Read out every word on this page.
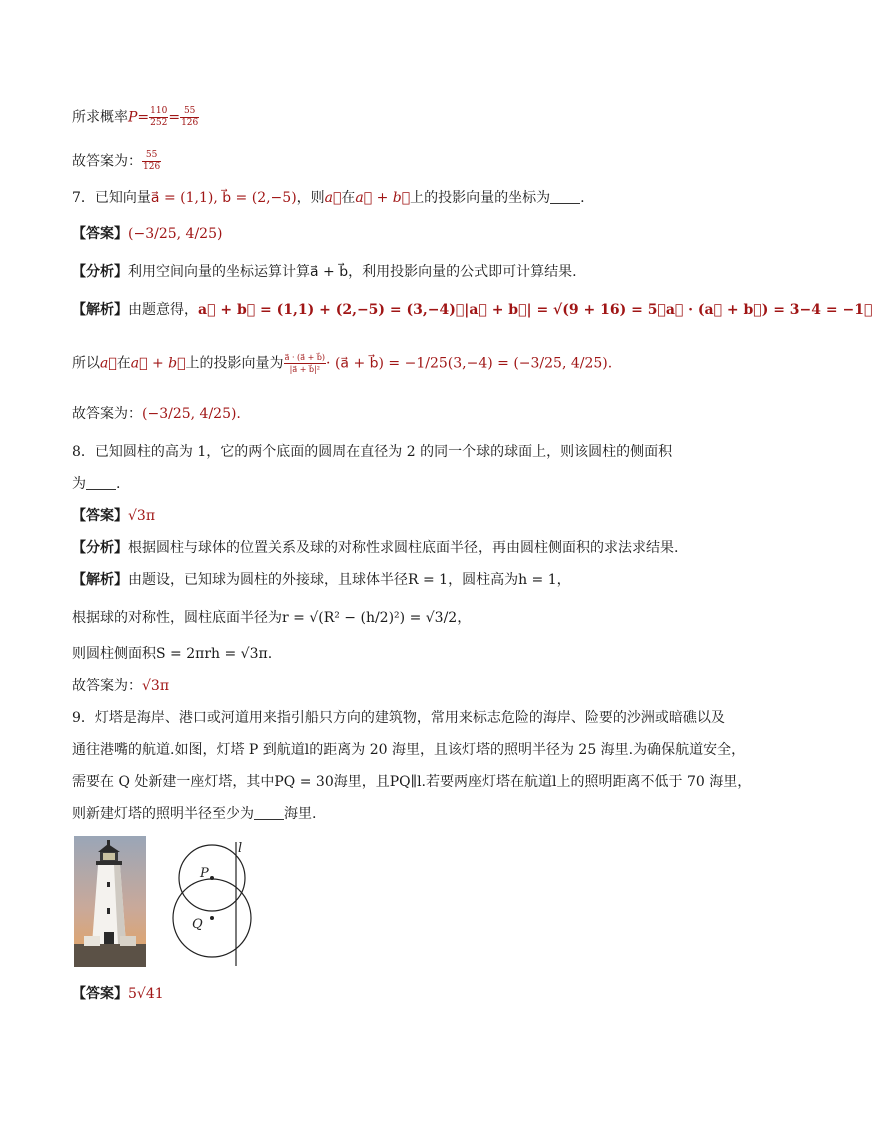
所求概率$P= \frac{110}{252} = \frac{55}{126}$
故答案为： $\frac{55}{126}$
7．已知向量a⃗ = (1,1), b⃗ = (2,−5)，则a⃗在a⃗ + b⃗上的投影向量的坐标为 .
【答案】(−3/25, 4/25)
【分析】利用空间向量的坐标运算计算a⃗ + b⃗，利用投影向量的公式即可计算结果.
【解析】由题意得，a⃗ + b⃗ = (1,1) + (2,−5) = (3,−4)，|a⃗ + b⃗| = √(9 + 16) = 5，a⃗ · (a⃗ + b⃗) = 3−4 = −1，
所以a⃗在a⃗ + b⃗上的投影向量为 $\frac{a⃗ \cdot (a⃗ + b⃗)}{\text{|a⃗ + b⃗|²}}$ · (a⃗ + b⃗) = −1/25(3,−4) = (−3/25, 4/25).
故答案为：(−3/25, 4/25).
8．已知圆柱的高为 1，它的两个底面的圆周在直径为 2 的同一个球的球面上，则该圆柱的侧面积
为 .
【答案】√3π
【分析】根据圆柱与球体的位置关系及球的对称性求圆柱底面半径，再由圆柱侧面积的求法求结果.
【解析】由题设，已知球为圆柱的外接球，且球体半径R = 1，圆柱高为h = 1，
根据球的对称性，圆柱底面半径为r = √(R² − (h/2)²) = √3/2，
则圆柱侧面积S = 2πrh = √3π.
故答案为：√3π
9．灯塔是海岸、港口或河道用来指引船只方向的建筑物，常用来标志危险的海岸、险要的沙洲或暗礁以及
通往港嘴的航道.如图，灯塔 P 到航道l的距离为 20 海里，且该灯塔的照明半径为 25 海里.为确保航道安全，
需要在 Q 处新建一座灯塔，其中PQ = 30海里，且PQ∥l.若要两座灯塔在航道l上的照明距离不低于 70 海里，
则新建灯塔的照明半径至少为 海里.
l
P
Q
【答案】5√41
